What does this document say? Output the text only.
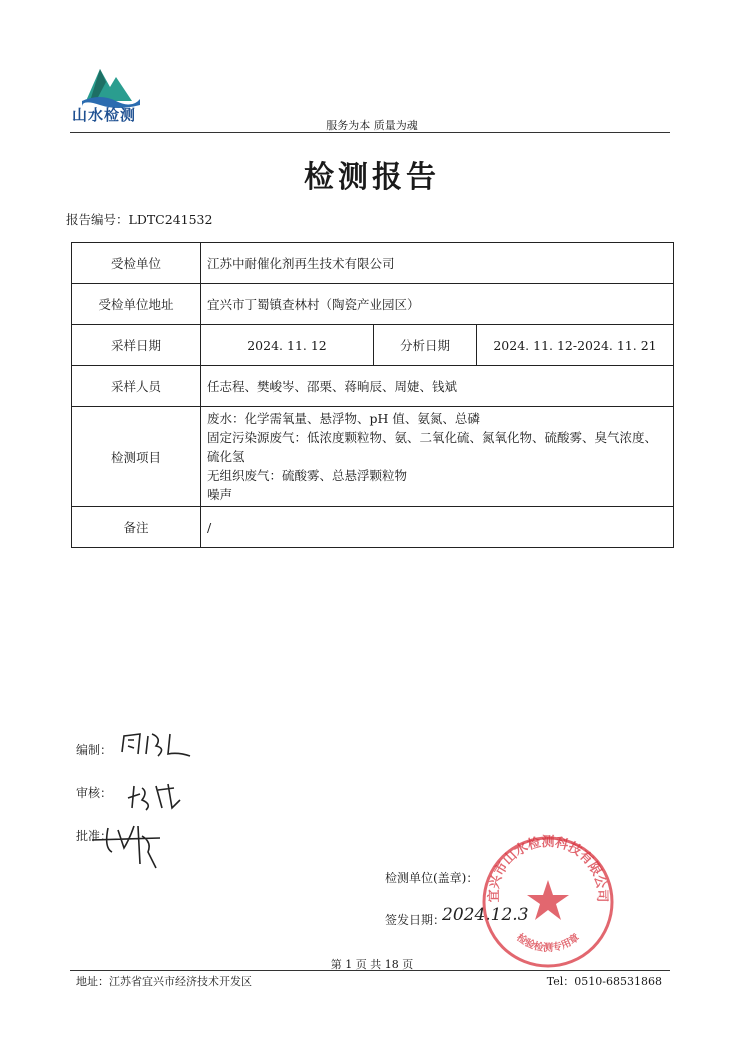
山水检测
服务为本 质量为魂
检测报告
报告编号：LDTC241532
受检单位	江苏中耐催化剂再生技术有限公司		
受检单位地址	宜兴市丁蜀镇查林村（陶瓷产业园区）		
采样日期	2024. 11. 12	分析日期	2024. 11. 12-2024. 11. 21
采样人员	任志程、樊峻岑、邵栗、蒋晌辰、周婕、钱斌		
检测项目	废水：化学需氧量、悬浮物、pH 值、氨氮、总磷
固定污染源废气：低浓度颗粒物、氨、二氧化硫、氮氧化物、硫酸雾、臭气浓度、
硫化氢
无组织废气：硫酸雾、总悬浮颗粒物
噪声		

备注	/		
编制：
审核：
批准：
检测单位(盖章)：
签发日期：
2024.12.3
宜兴市山水检测科技有限公司
检验检测专用章
第 1 页 共 18 页
地址：江苏省宜兴市经济技术开发区	Tel：0510-68531868
